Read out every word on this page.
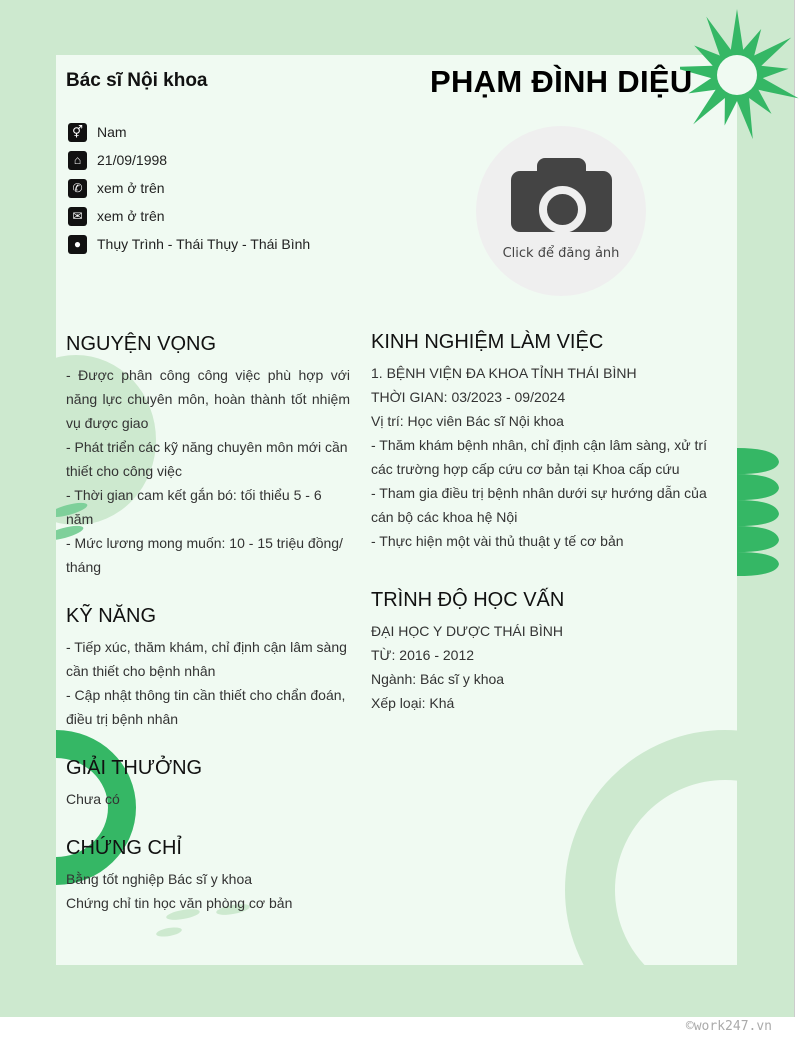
Bác sĩ Nội khoa	PHẠM ĐÌNH DIỆU
⚥ Nam
⌂	21/09/1998
✆	xem ở trên
✉	xem ở trên
●	Thụy Trình - Thái Thụy - Thái Bình
Click để đăng ảnh
NGUYỆN VỌNG

- Được phân công công việc phù hợp với năng lực chuyên môn, hoàn thành tốt nhiệm vụ được giao

- Phát triển các kỹ năng chuyên môn mới cần thiết cho công việc

- Thời gian cam kết gắn bó: tối thiểu 5 - 6 năm

- Mức lương mong muốn: 10 - 15 triệu đồng/ tháng

KỸ NĂNG

- Tiếp xúc, thăm khám, chỉ định cận lâm sàng cần thiết cho bệnh nhân

- Cập nhật thông tin cần thiết cho chẩn đoán, điều trị bệnh nhân

GIẢI THƯỞNG

Chưa có

CHỨNG CHỈ

Bằng tốt nghiệp Bác sĩ y khoa

Chứng chỉ tin học văn phòng cơ bản

KINH NGHIỆM LÀM VIỆC

1. BỆNH VIỆN ĐA KHOA TỈNH THÁI BÌNH

THỜI GIAN: 03/2023 - 09/2024

Vị trí: Học viên Bác sĩ Nội khoa

- Thăm khám bệnh nhân, chỉ định cận lâm sàng, xử trí các trường hợp cấp cứu cơ bản tại Khoa cấp cứu

- Tham gia điều trị bệnh nhân dưới sự hướng dẫn của cán bộ các khoa hệ Nội

- Thực hiện một vài thủ thuật y tế cơ bản

TRÌNH ĐỘ HỌC VẤN

ĐẠI HỌC Y DƯỢC THÁI BÌNH

TỪ: 2016 - 2012

Ngành: Bác sĩ y khoa

Xếp loại: Khá

©work247.vn
